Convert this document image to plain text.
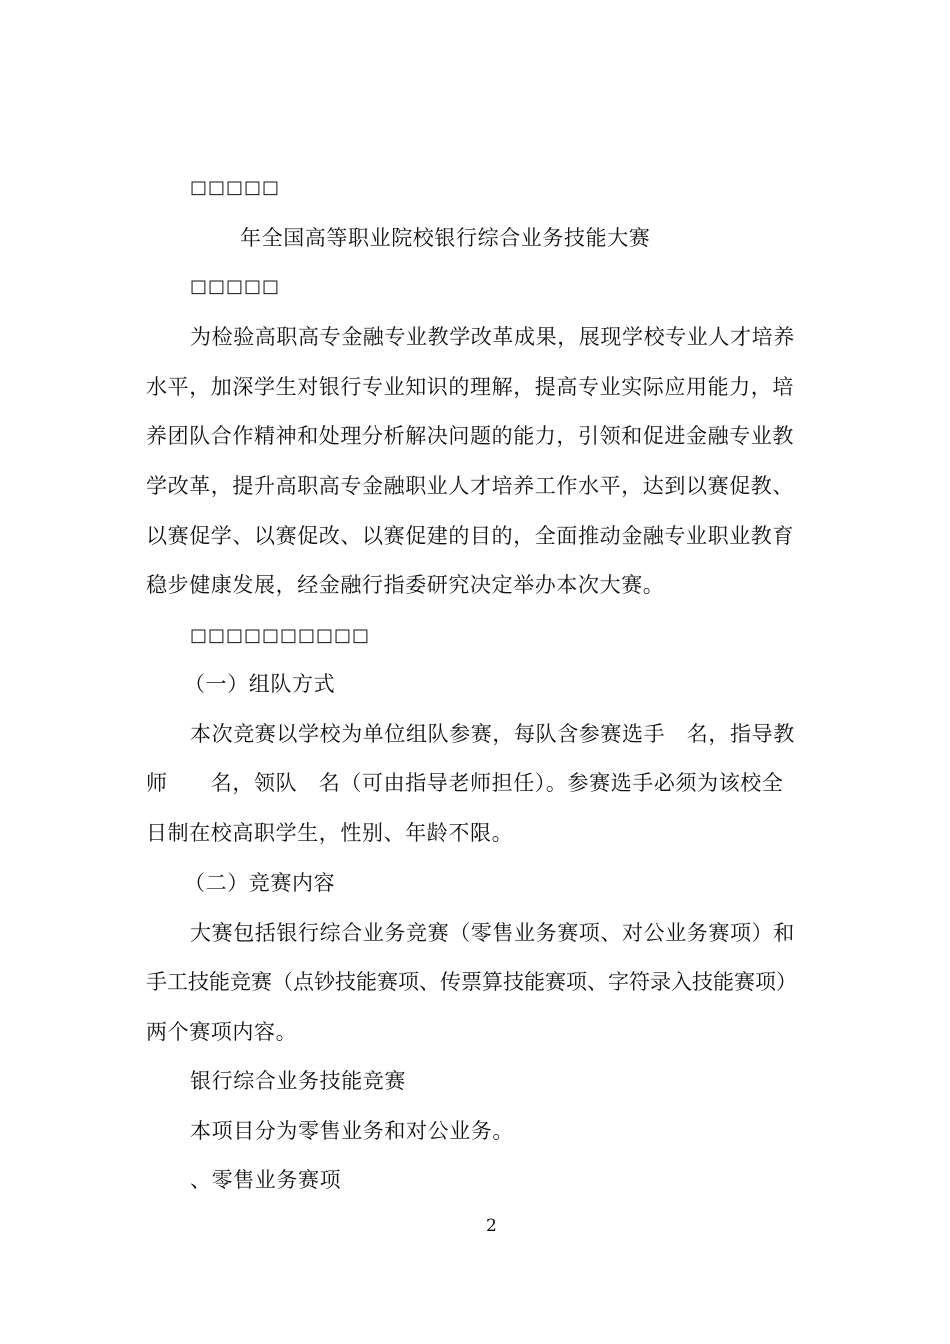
□□□□□
年全国高等职业院校银行综合业务技能大赛
□□□□□
为检验高职高专金融专业教学改革成果，展现学校专业人才培养
水平，加深学生对银行专业知识的理解，提高专业实际应用能力，培
养团队合作精神和处理分析解决问题的能力，引领和促进金融专业教
学改革，提升高职高专金融职业人才培养工作水平，达到以赛促教、
以赛促学、以赛促改、以赛促建的目的，全面推动金融专业职业教育
稳步健康发展，经金融行指委研究决定举办本次大赛。
□□□□□□□□□□
（一）组队方式
本次竞赛以学校为单位组队参赛，每队含参赛选手　名，指导教
师　　名，领队　名（可由指导老师担任）。参赛选手必须为该校全
日制在校高职学生，性别、年龄不限。
（二）竞赛内容
大赛包括银行综合业务竞赛（零售业务赛项、对公业务赛项）和
手工技能竞赛（点钞技能赛项、传票算技能赛项、字符录入技能赛项）
两个赛项内容。
银行综合业务技能竞赛
本项目分为零售业务和对公业务。
、零售业务赛项
2
